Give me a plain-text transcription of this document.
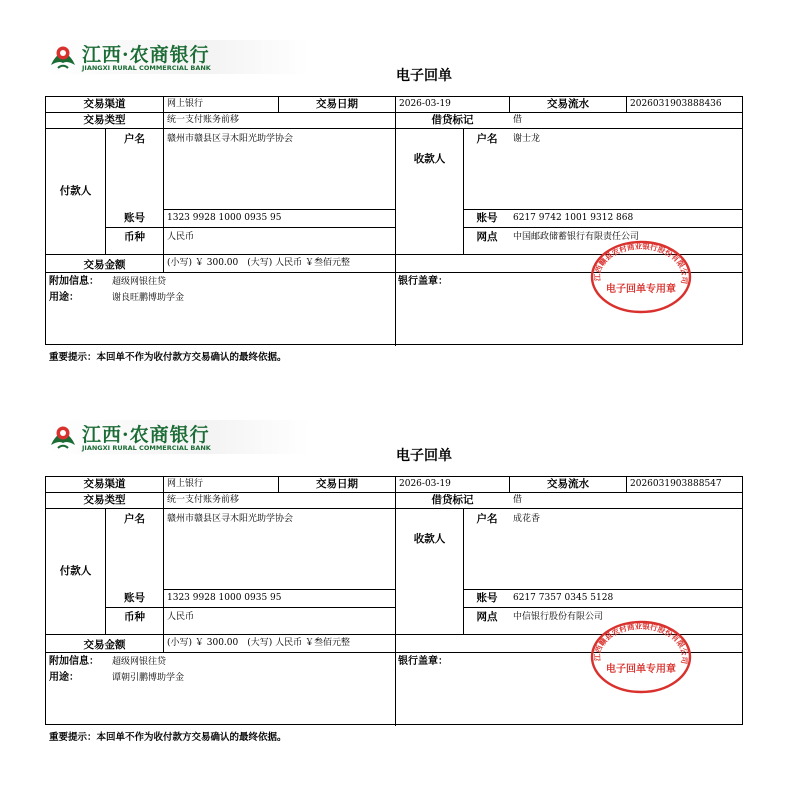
江西·农商银行
JIANGXI RURAL COMMERCIAL BANK	电子回单
交易渠道	网上银行	交易日期	2026-03-19	交易流水	2026031903888436
交易类型	统一支付账务前移	借贷标记	借
付款人
户名	赣州市赣县区寻木阳光助学协会
账号	1323 9928 1000 0935 95
币种	人民币
收款人
户名	谢士龙
账号	6217 9742 1001 9312 868
网点	中国邮政储蓄银行有限责任公司
交易金额	(小写) ￥ 300.00　(大写) 人民币 ￥叁佰元整
附加信息： 超级网银往贷
用途：	谢良旺鹏博助学金
银行盖章：	江西赣县农村商业银行股份有限公司
电子回单专用章
重要提示：本回单不作为收付款方交易确认的最终依据。
江西·农商银行
JIANGXI RURAL COMMERCIAL BANK	电子回单
交易渠道	网上银行	交易日期	2026-03-19	交易流水	2026031903888547
交易类型	统一支付账务前移	借贷标记	借
付款人
户名	赣州市赣县区寻木阳光助学协会
账号	1323 9928 1000 0935 95
币种	人民币
收款人
户名	成花香
账号	6217 7357 0345 5128
网点	中信银行股份有限公司
交易金额	(小写) ￥ 300.00　(大写) 人民币 ￥叁佰元整
附加信息： 超级网银往贷
用途：	谭朝引鹏博助学金
银行盖章：	江西赣县农村商业银行股份有限公司
电子回单专用章
重要提示：本回单不作为收付款方交易确认的最终依据。
